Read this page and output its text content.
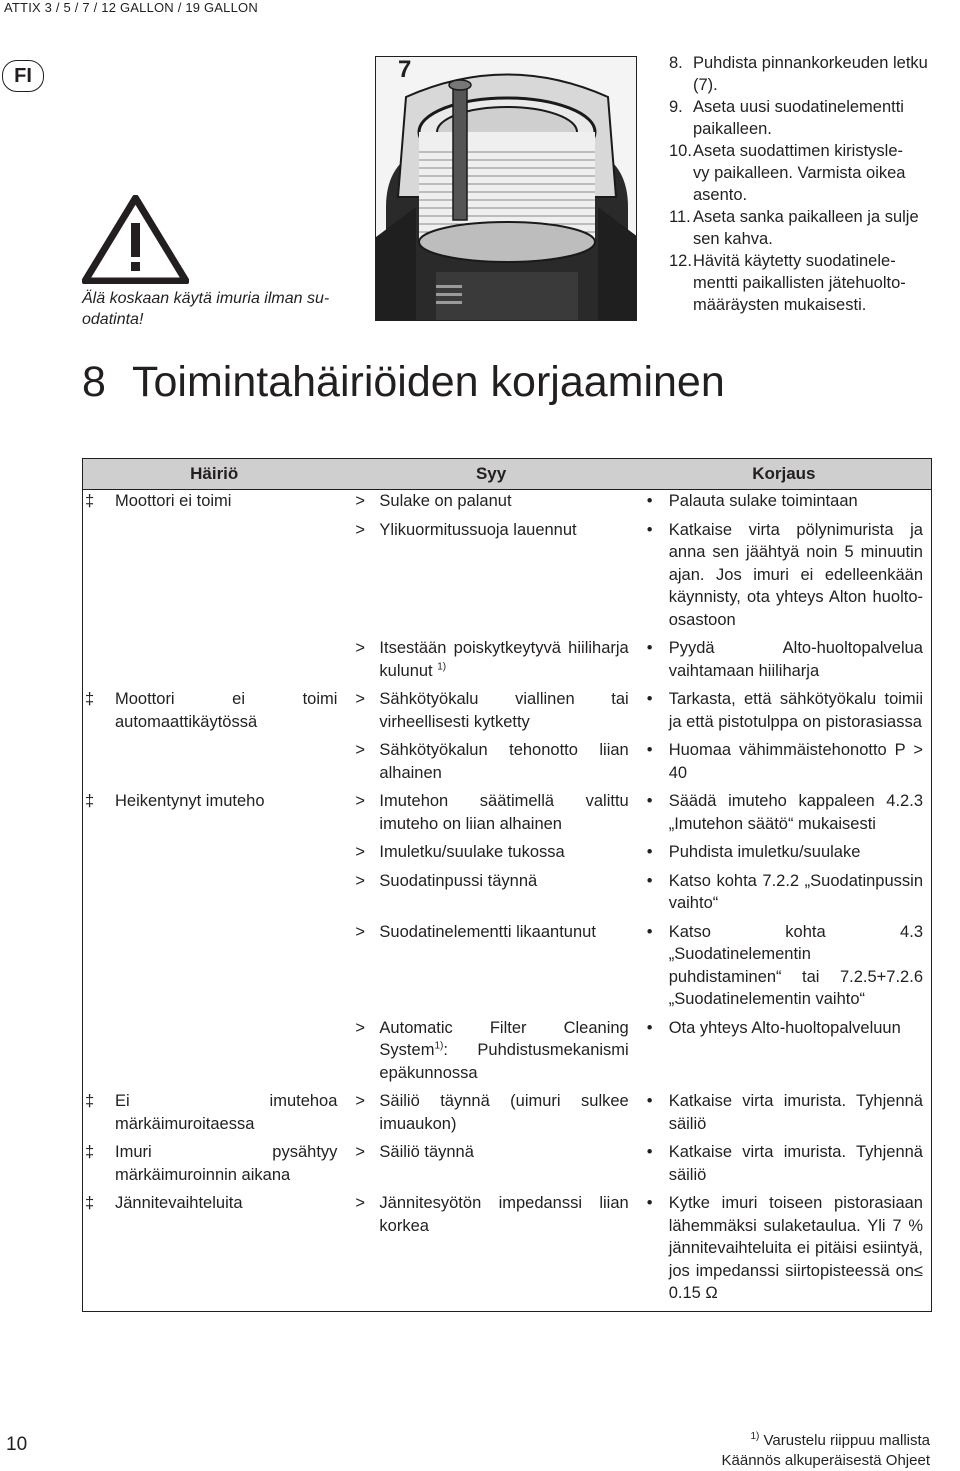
ATTIX 3 / 5 / 7 / 12 GALLON / 19 GALLON
FI
Älä koskaan käytä imuria ilman su-
odatinta!
7	8. Puhdista pinnankorkeuden letku
(7).
9. Aseta uusi suodatinelementti
paikalleen.
10. Aseta suodattimen kiristysle-
vy paikalleen. Varmista oikea
asento.
11. Aseta sanka paikalleen ja sulje
sen kahva.
12. Hävitä käytetty suodatinele-
mentti paikallisten jätehuolto-
määräysten mukaisesti.
8 Toimintahäiriöiden korjaaminen
Häiriö	Syy	Korjaus

‡ Moottori ei toimi	> Sulake on palanut	• Palauta sulake toimintaan

	> Ylikuormitussuoja lauennut	• Katkaise virta pölynimurista ja anna sen jäähtyä noin 5 minuutin ajan. Jos imuri ei edelleenkään käynnisty, ota yhteys Alton huolto-osastoon

	> Itsestään poiskytkeytyvä hiiliharja kulunut $^{1)}$	• Pyydä Alto-huoltopalvelua vaihtamaan hiiliharja

‡ Moottori ei toimi automaattikäytössä	> Sähkötyökalu viallinen tai virheellisesti kytketty	• Tarkasta, että sähkötyökalu toimii ja että pistotulppa on pistorasiassa

	> Sähkötyökalun tehonotto liian alhainen	• Huomaa vähimmäistehonotto P > 40

‡ Heikentynyt imuteho	> Imutehon säätimellä valittu imuteho on liian alhainen	• Säädä imuteho kappaleen 4.2.3 „Imutehon säätö“ mukaisesti

	> Imuletku/suulake tukossa	• Puhdista imuletku/suulake

	> Suodatinpussi täynnä	• Katso kohta 7.2.2 „Suodatinpussin vaihto“

	> Suodatinelementti likaantunut	• Katso kohta 4.3 „Suodatinelementin puhdistaminen“ tai 7.2.5+7.2.6 „Suodatinelementin vaihto“

	> Automatic Filter Cleaning System$^{1)}$: Puhdistusmekanismi epäkunnossa	• Ota yhteys Alto-huoltopalveluun

‡ Ei imutehoa märkäimuroitaessa	> Säiliö täynnä (uimuri sulkee imuaukon)	• Katkaise virta imurista. Tyhjennä säiliö

‡ Imuri pysähtyy märkäimuroinnin aikana	> Säiliö täynnä	• Katkaise virta imurista. Tyhjennä säiliö

‡ Jännitevaihteluita	> Jännitesyötön impedanssi liian korkea	• Kytke imuri toiseen pistorasiaan lähemmäksi sulaketaulua. Yli 7 % jännitevaihteluita ei pitäisi esiintyä, jos impedanssi siirtopisteessä on≤ 0.15 Ω
10	$^{1)}$ Varustelu riippuu mallista
Käännös alkuperäisestä Ohjeet
